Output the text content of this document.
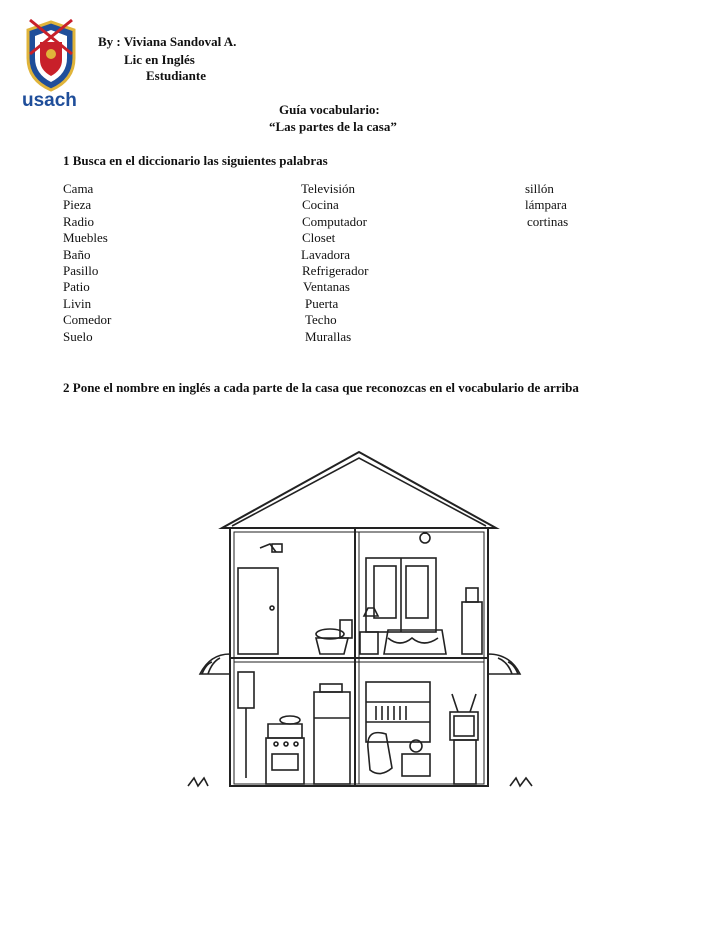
usach
By : Viviana Sandoval A.
Lic en Inglés
Estudiante
Guía vocabulario:
“Las partes de la casa”
1 Busca en el diccionario las siguientes palabras
Cama
Pieza
Radio
Muebles
Baño
Pasillo
Patio
Livin
Comedor
Suelo
Televisión
Cocina
Computador
Closet
Lavadora
Refrigerador
Ventanas
Puerta
Techo
Murallas
sillón
lámpara
cortinas
2 Pone el nombre en inglés a cada parte de la casa que reconozcas en el vocabulario de arriba
